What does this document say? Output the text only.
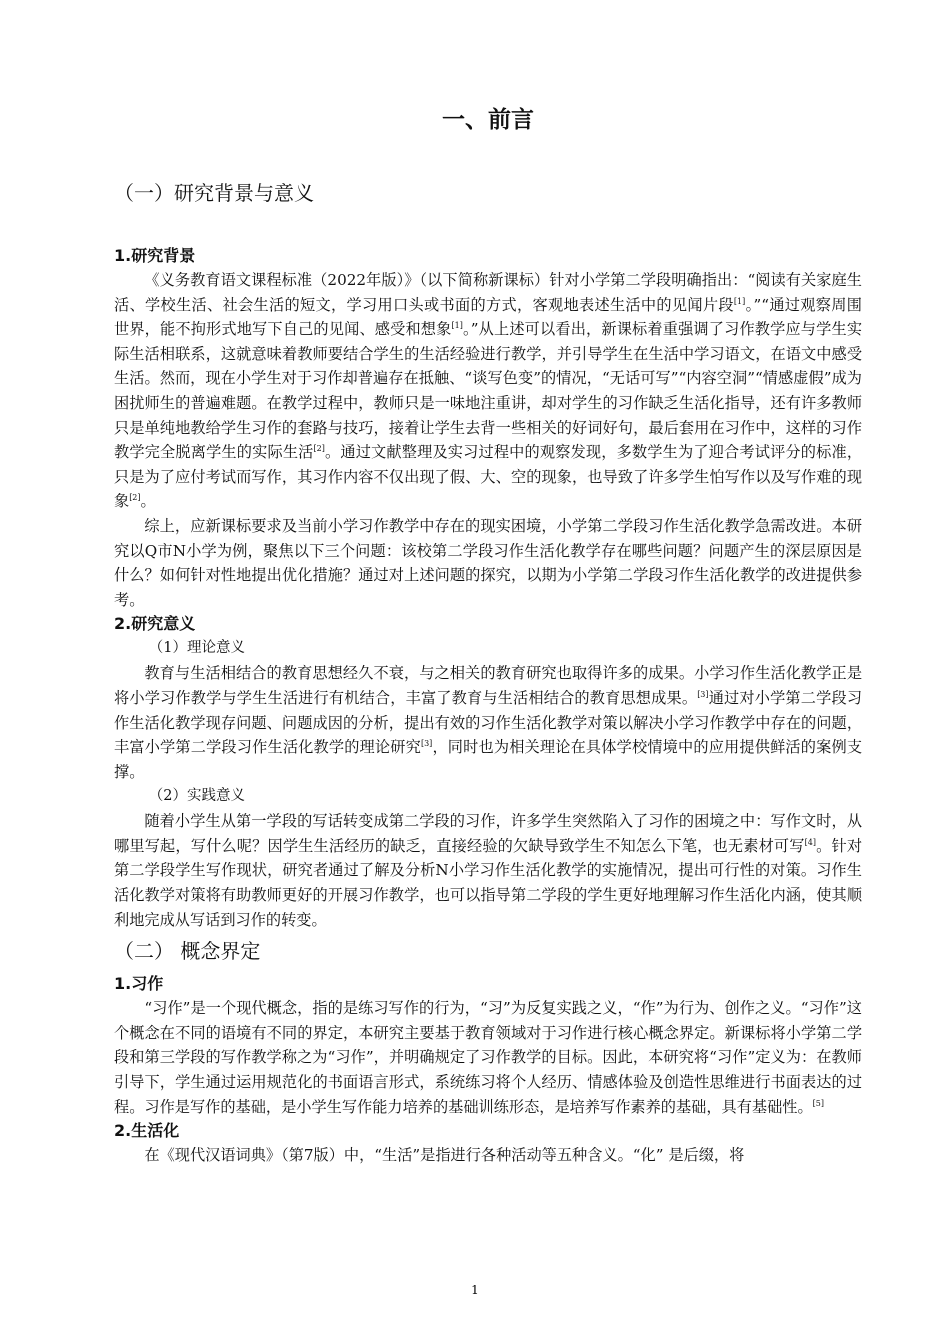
一、前言
（一）研究背景与意义
1.研究背景

《义务教育语文课程标准（2022年版）》（以下简称新课标）针对小学第二学段明确指出：“阅读有关家庭生活、学校生活、社会生活的短文，学习用口头或书面的方式，客观地表述生活中的见闻片段[1]。”“通过观察周围世界，能不拘形式地写下自己的见闻、感受和想象[1]。”从上述可以看出，新课标着重强调了习作教学应与学生实际生活相联系，这就意味着教师要结合学生的生活经验进行教学，并引导学生在生活中学习语文，在语文中感受生活。然而，现在小学生对于习作却普遍存在抵触、“谈写色变”的情况，“无话可写”“内容空洞”“情感虚假”成为困扰师生的普遍难题。在教学过程中，教师只是一味地注重讲，却对学生的习作缺乏生活化指导，还有许多教师只是单纯地教给学生习作的套路与技巧，接着让学生去背一些相关的好词好句，最后套用在习作中，这样的习作教学完全脱离学生的实际生活[2]。通过文献整理及实习过程中的观察发现，多数学生为了迎合考试评分的标准，只是为了应付考试而写作，其习作内容不仅出现了假、大、空的现象，也导致了许多学生怕写作以及写作难的现象[2]。

综上，应新课标要求及当前小学习作教学中存在的现实困境，小学第二学段习作生活化教学急需改进。本研究以Q市N小学为例，聚焦以下三个问题：该校第二学段习作生活化教学存在哪些问题？问题产生的深层原因是什么？如何针对性地提出优化措施？通过对上述问题的探究，以期为小学第二学段习作生活化教学的改进提供参考。

2.研究意义
（1）理论意义

教育与生活相结合的教育思想经久不衰，与之相关的教育研究也取得许多的成果。小学习作生活化教学正是将小学习作教学与学生生活进行有机结合，丰富了教育与生活相结合的教育思想成果。[3]通过对小学第二学段习作生活化教学现存问题、问题成因的分析，提出有效的习作生活化教学对策以解决小学习作教学中存在的问题，丰富小学第二学段习作生活化教学的理论研究[3]，同时也为相关理论在具体学校情境中的应用提供鲜活的案例支撑。

（2）实践意义

随着小学生从第一学段的写话转变成第二学段的习作，许多学生突然陷入了习作的困境之中：写作文时，从哪里写起，写什么呢？因学生生活经历的缺乏，直接经验的欠缺导致学生不知怎么下笔，也无素材可写[4]。针对第二学段学生写作现状，研究者通过了解及分析N小学习作生活化教学的实施情况，提出可行性的对策。习作生活化教学对策将有助教师更好的开展习作教学，也可以指导第二学段的学生更好地理解习作生活化内涵，使其顺利地完成从写话到习作的转变。

（二） 概念界定
1.习作

“习作”是一个现代概念，指的是练习写作的行为，“习”为反复实践之义，“作”为行为、创作之义。“习作”这个概念在不同的语境有不同的界定，本研究主要基于教育领域对于习作进行核心概念界定。新课标将小学第二学段和第三学段的写作教学称之为“习作”，并明确规定了习作教学的目标。因此，本研究将“习作”定义为：在教师引导下，学生通过运用规范化的书面语言形式，系统练习将个人经历、情感体验及创造性思维进行书面表达的过程。习作是写作的基础，是小学生写作能力培养的基础训练形态，是培养写作素养的基础，具有基础性。[5]

2.生活化

在《现代汉语词典》（第7版）中，“生活”是指进行各种活动等五种含义。“化” 是后缀，将

1
